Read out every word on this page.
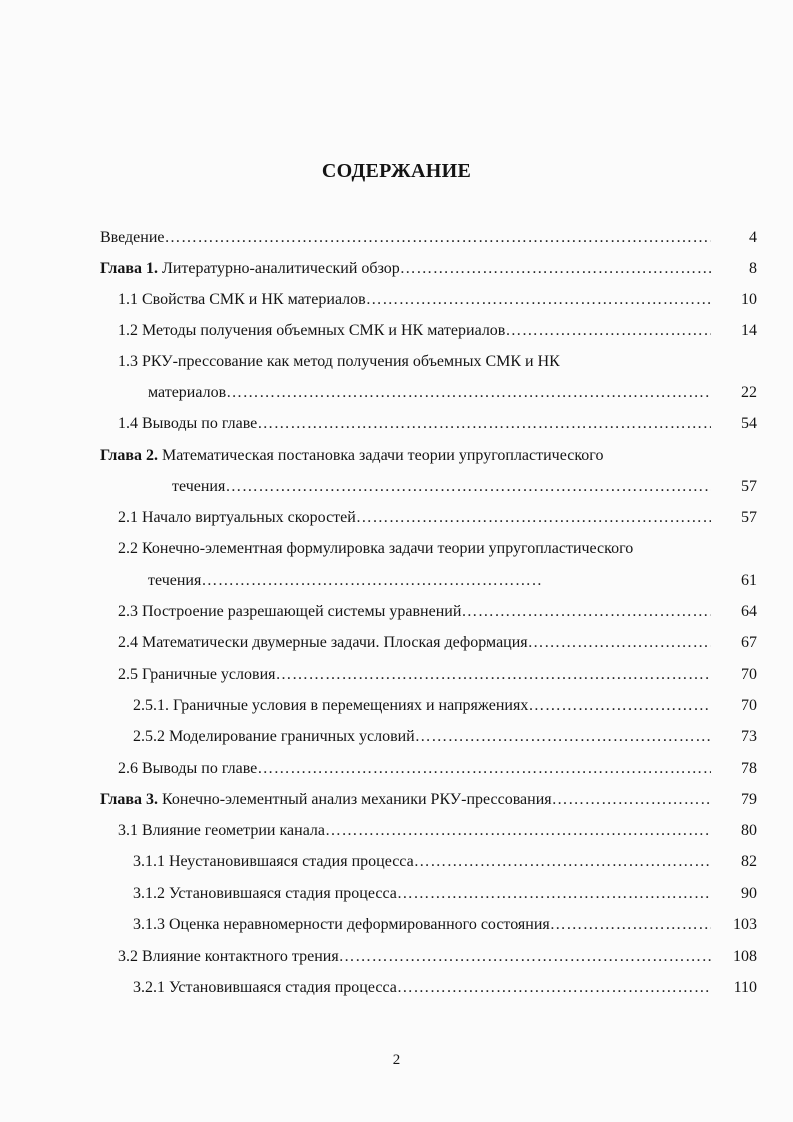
СОДЕРЖАНИЕ
Введение …………………………………………………………………………………………………………………………………………………………	4
Глава 1. Литературно-аналитический обзор …………………………………………………………………………………………………………………………………………………………	8
1.1 Свойства СМК и НК материалов …………………………………………………………………………………………………………………………………………………………	10
1.2 Методы получения объемных СМК и НК материалов …………………………………………………………………………………………………………………………………………………………	14
1.3 РКУ-прессование как метод получения объемных СМК и НК
материалов …………………………………………………………………………………………………………………………………………………………	22
1.4 Выводы по главе …………………………………………………………………………………………………………………………………………………………	54
Глава 2. Математическая постановка задачи теории упругопластического
течения …………………………………………………………………………………………………………………………………………………………	57
2.1 Начало виртуальных скоростей …………………………………………………………………………………………………………………………………………………………	57
2.2 Конечно-элементная формулировка задачи теории упругопластического
течения …………………………………………………………………………………………………………………………………………………………	61
2.3 Построение разрешающей системы уравнений …………………………………………………………………………………………………………………………………………………………	64
2.4 Математически двумерные задачи. Плоская деформация …………………………………………………………………………………………………………………………………………………………	67
2.5 Граничные условия …………………………………………………………………………………………………………………………………………………………	70
2.5.1. Граничные условия в перемещениях и напряжениях …………………………………………………………………………………………………………………………………………………………	70
2.5.2 Моделирование граничных условий …………………………………………………………………………………………………………………………………………………………	73
2.6 Выводы по главе …………………………………………………………………………………………………………………………………………………………	78
Глава 3. Конечно-элементный анализ механики РКУ-прессования …………………………………………………………………………………………………………………………………………………………	79
3.1 Влияние геометрии канала …………………………………………………………………………………………………………………………………………………………	80
3.1.1 Неустановившаяся стадия процесса …………………………………………………………………………………………………………………………………………………………	82
3.1.2 Установившаяся стадия процесса …………………………………………………………………………………………………………………………………………………………	90
3.1.3 Оценка неравномерности деформированного состояния …………………………………………………………………………………………………………………………………………………………	103
3.2 Влияние контактного трения …………………………………………………………………………………………………………………………………………………………	108
3.2.1 Установившаяся стадия процесса …………………………………………………………………………………………………………………………………………………………	110
2
